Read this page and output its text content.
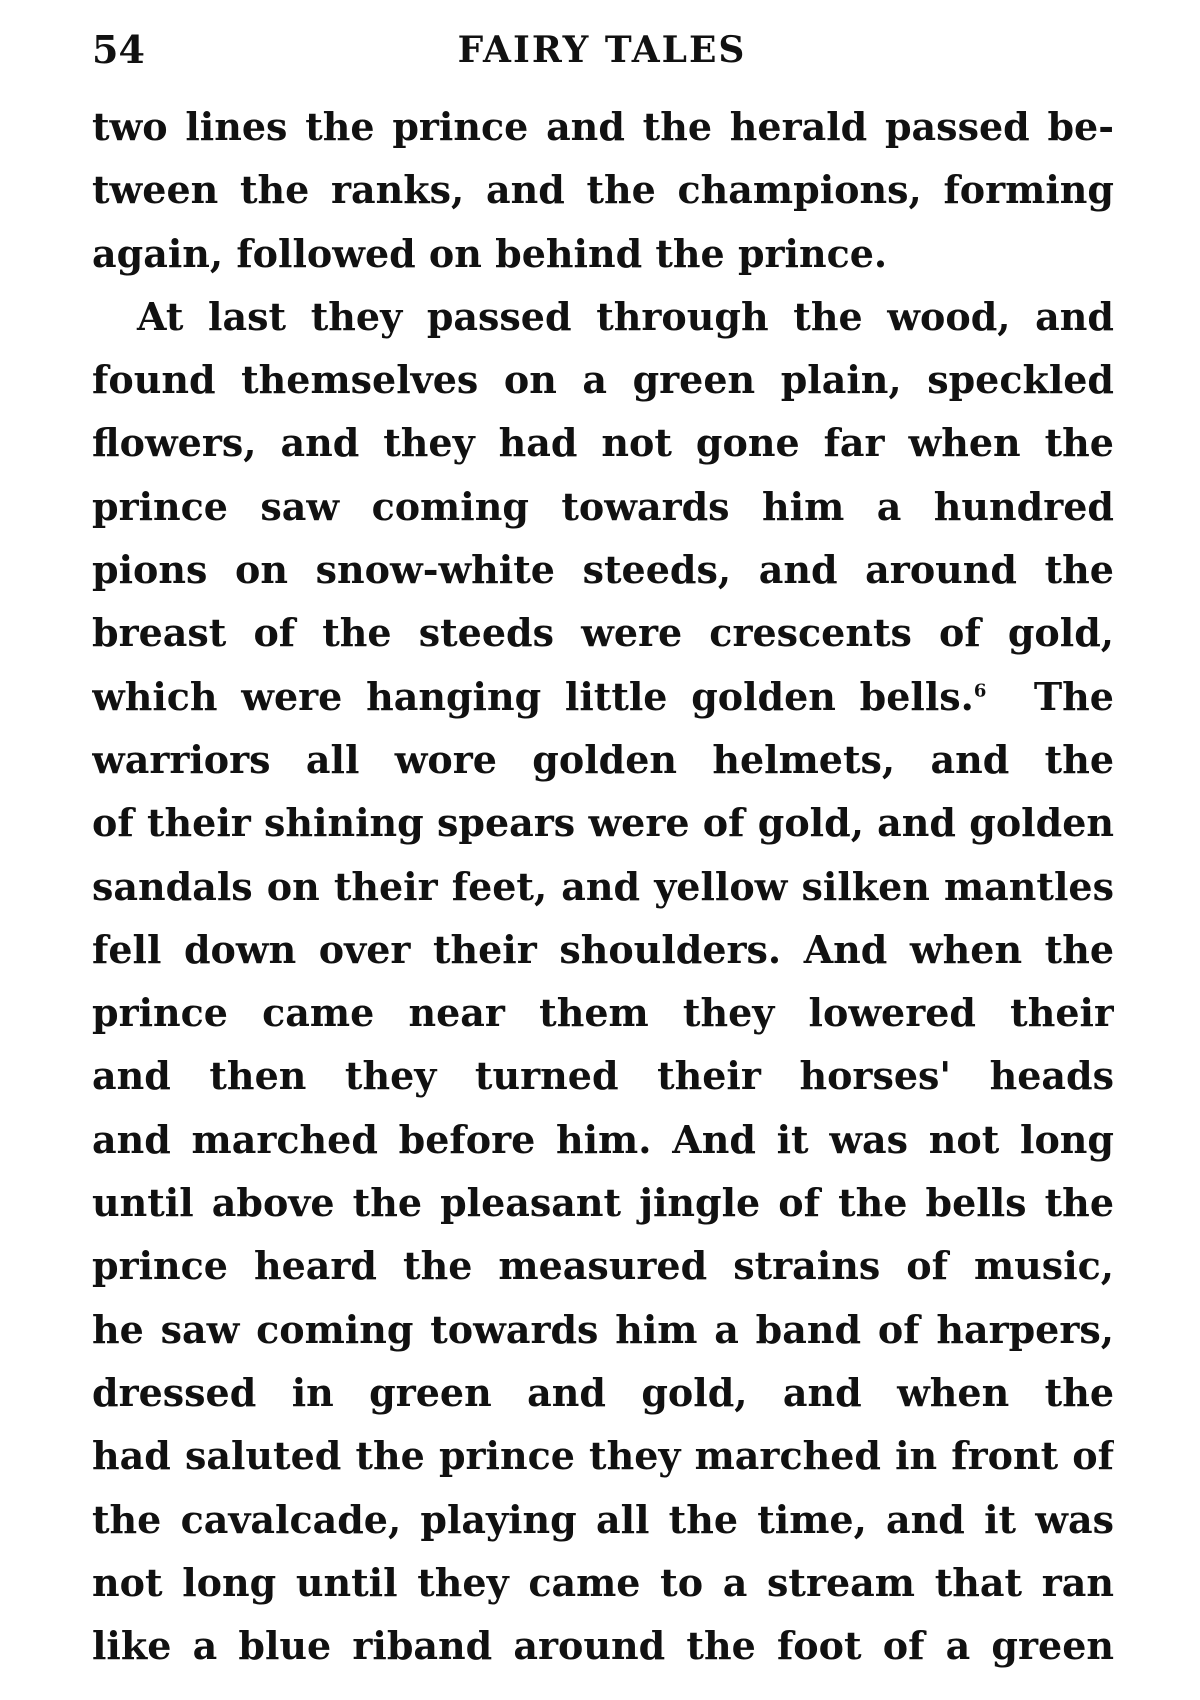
54	FAIRY TALES
two lines the prince and the herald passed be-
tween the ranks, and the champions, forming
again, followed on behind the prince.
At last they passed through the wood, and
found themselves on a green plain, speckled
flowers, and they had not gone far when the
prince saw coming towards him a hundred
pions on snow-white steeds, and around the
breast of the steeds were crescents of gold,
which were hanging little golden bells.$^6$ The
warriors all wore golden helmets, and the
of their shining spears were of gold, and golden
sandals on their feet, and yellow silken mantles
fell down over their shoulders. And when the
prince came near them they lowered their
and then they turned their horses' heads
and marched before him. And it was not long
until above the pleasant jingle of the bells the
prince heard the measured strains of music,
he saw coming towards him a band of harpers,
dressed in green and gold, and when the
had saluted the prince they marched in front of
the cavalcade, playing all the time, and it was
not long until they came to a stream that ran
like a blue riband around the foot of a green
